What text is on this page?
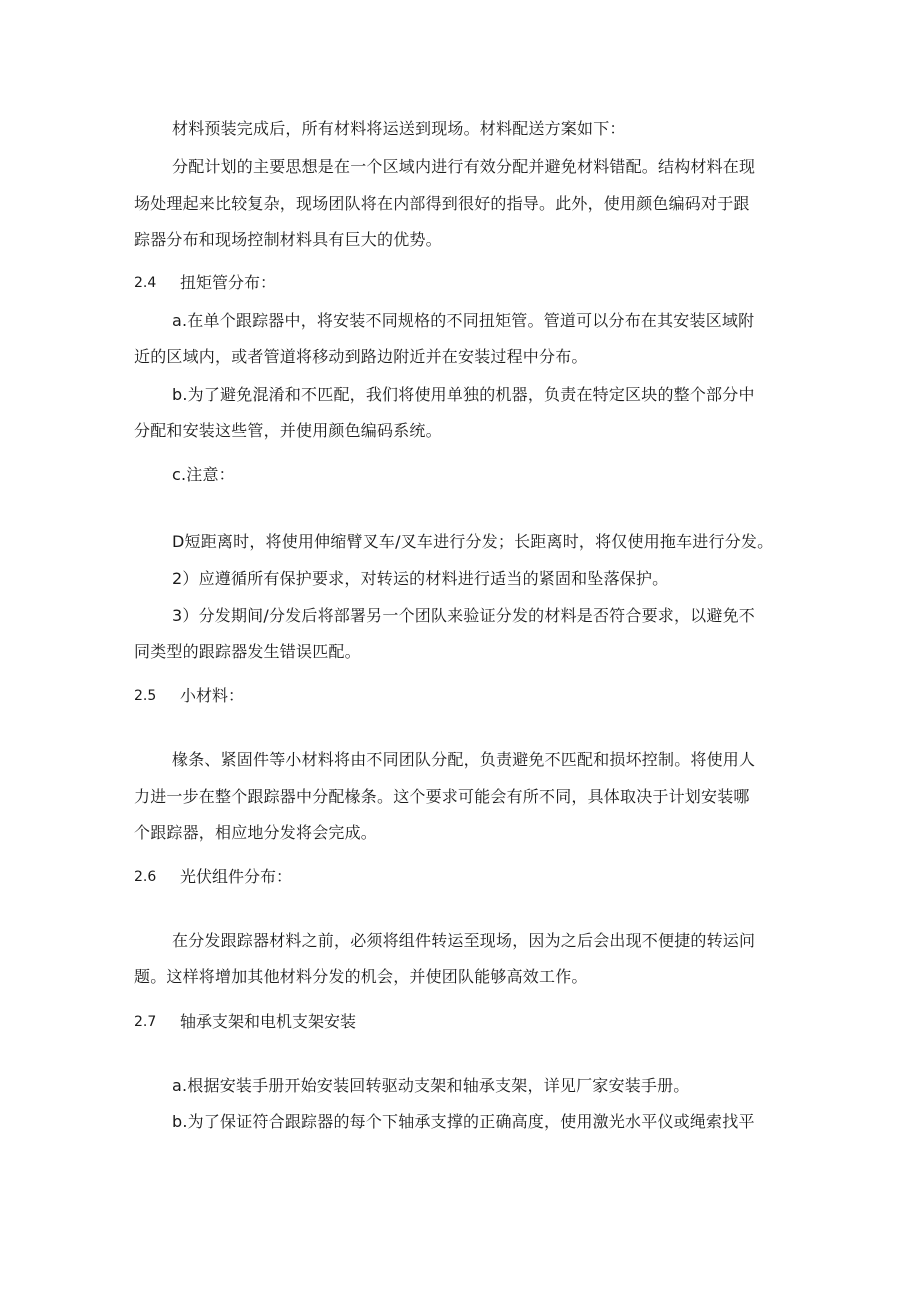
材料预装完成后，所有材料将运送到现场。材料配送方案如下：
分配计划的主要思想是在一个区域内进行有效分配并避免材料错配。结构材料在现
场处理起来比较复杂，现场团队将在内部得到很好的指导。此外，使用颜色编码对于跟
踪器分布和现场控制材料具有巨大的优势。
2.4 扭矩管分布：
a.在单个跟踪器中，将安装不同规格的不同扭矩管。管道可以分布在其安装区域附
近的区域内，或者管道将移动到路边附近并在安装过程中分布。
b.为了避免混淆和不匹配，我们将使用单独的机器，负责在特定区块的整个部分中
分配和安装这些管，并使用颜色编码系统。
c.注意：
D短距离时，将使用伸缩臂叉车/叉车进行分发；长距离时，将仅使用拖车进行分发。
2）应遵循所有保护要求，对转运的材料进行适当的紧固和坠落保护。
3）分发期间/分发后将部署另一个团队来验证分发的材料是否符合要求，以避免不
同类型的跟踪器发生错误匹配。
2.5 小材料：
椽条、紧固件等小材料将由不同团队分配，负责避免不匹配和损坏控制。将使用人
力进一步在整个跟踪器中分配椽条。这个要求可能会有所不同，具体取决于计划安装哪
个跟踪器，相应地分发将会完成。
2.6 光伏组件分布：
在分发跟踪器材料之前，必须将组件转运至现场，因为之后会出现不便捷的转运问
题。这样将增加其他材料分发的机会，并使团队能够高效工作。
2.7 轴承支架和电机支架安装
a.根据安装手册开始安装回转驱动支架和轴承支架，详见厂家安装手册。
b.为了保证符合跟踪器的每个下轴承支撑的正确高度，使用激光水平仪或绳索找平
